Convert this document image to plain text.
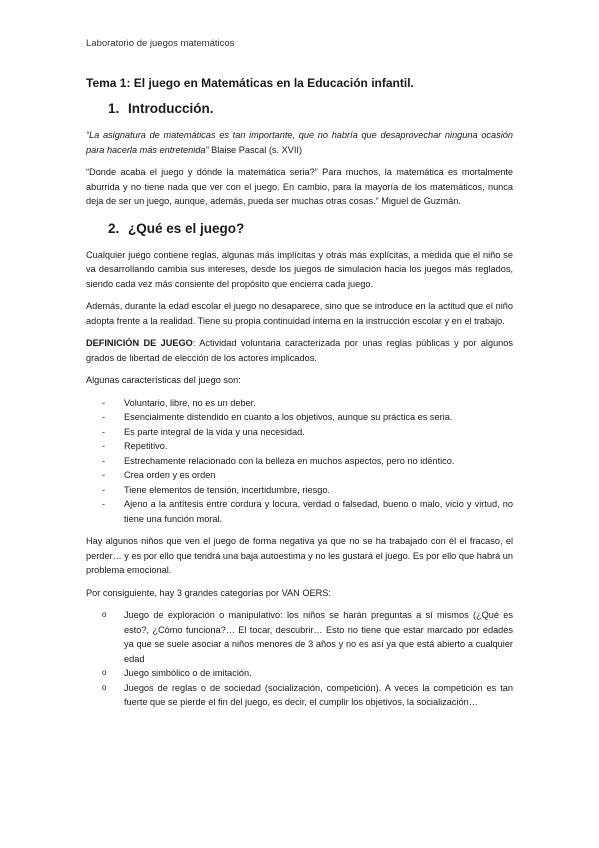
Laboratorio de juegos matemáticos
Tema 1: El juego en Matemáticas en la Educación infantil.
1. Introducción.

“La asignatura de matemáticas es tan importante, que no habría que desaprovechar ninguna ocasión para hacerla más entretenida” Blaise Pascal (s. XVII)

“Donde acaba el juego y dónde la matemática seria?” Para muchos, la matemática es mortalmente aburrida y no tiene nada que ver con el juego. En cambio, para la mayoría de los matemáticos, nunca deja de ser un juego, aunque, además, pueda ser muchas otras cosas.” Miguel de Guzmán.

2. ¿Qué es el juego?

Cualquier juego contiene reglas, algunas más implícitas y otras más explícitas, a medida que el niño se va desarrollando cambia sus intereses, desde los juegos de simulación hacia los juegos más reglados, siendo cada vez más consiente del propósito que encierra cada juego.

Además, durante la edad escolar el juego no desaparece, sino que se introduce en la actitud que el niño adopta frente a la realidad. Tiene su propia continuidad interna en la instrucción escolar y en el trabajo.

DEFINICIÓN DE JUEGO: Actividad voluntaria caracterizada por unas reglas públicas y por algunos grados de libertad de elección de los actores implicados.

Algunas características del juego son:

- Voluntario, libre, no es un deber.
- Esencialmente distendido en cuanto a los objetivos, aunque su práctica es seria.
- Es parte integral de la vida y una necesidad.
- Repetitivo.
- Estrechamente relacionado con la belleza en muchos aspectos, pero no idéntico.
- Crea orden y es orden
- Tiene elementos de tensión, incertidumbre, riesgo.
- Ajeno a la antítesis entre cordura y locura, verdad o falsedad, bueno o malo, vicio y virtud, no tiene una función moral.

Hay algunos niños que ven el juego de forma negativa ya que no se ha trabajado con él el fracaso, el perder… y es por ello que tendrá una baja autoestima y no les gustará el juego. Es por ello que habrá un problema emocional.

Por consiguiente, hay 3 grandes categorías por VAN OERS:

o Juego de exploración o manipulativo: los niños se harán preguntas a sí mismos (¿Qué es esto?, ¿Cómo funciona?… El tocar, descubrir… Esto no tiene que estar marcado por edades ya que se suele asociar a niños menores de 3 años y no es así ya que está abierto a cualquier edad
o Juego simbólico o de imitación.
o Juegos de reglas o de sociedad (socialización, competición). A veces la competición es tan fuerte que se pierde el fin del juego, es decir, el cumplir los objetivos, la socialización…
